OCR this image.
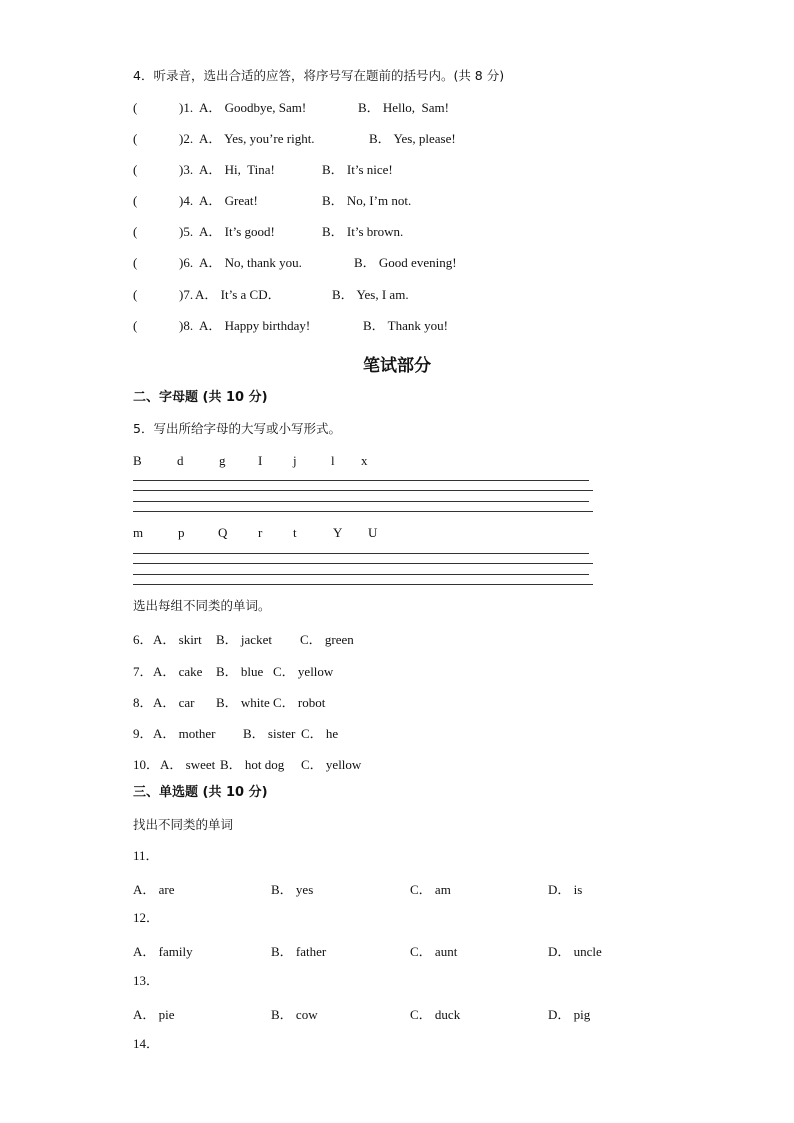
4．听录音，选出合适的应答，将序号写在题前的括号内。(共 8 分)
(	)1. A． Goodbye, Sam!	B． Hello,  Sam!
(	)2. A． Yes, you’re right.	B． Yes, please!
(	)3. A． Hi,  Tina!	B． It’s nice!
(	)4. A． Great!	B． No, I’m not.
(	)5. A． It’s good!	B． It’s brown.
(	)6. A． No, thank you.	B． Good evening!
(	)7. A． It’s a CD．	B． Yes, I am.
(	)8. A． Happy birthday!	B． Thank you!
笔试部分
二、字母题 (共 10 分)
5．写出所给字母的大写或小写形式。
B	d	g	I j	l x
m	p	Q r t	Y U
选出每组不同类的单词。
6． A． skirt B． jacket C． green
7． A． cake B． blue C． yellow
8． A． car B． white C． robot
9． A． mother B． sister C． he
10． A． sweet B． hot dog C． yellow
三、单选题 (共 10 分)
找出不同类的单词
11．
A． are	B． yes	C． am	D． is
12．
A． family	B． father	C． aunt	D． uncle
13．
A． pie	B． cow	C． duck	D． pig
14．
